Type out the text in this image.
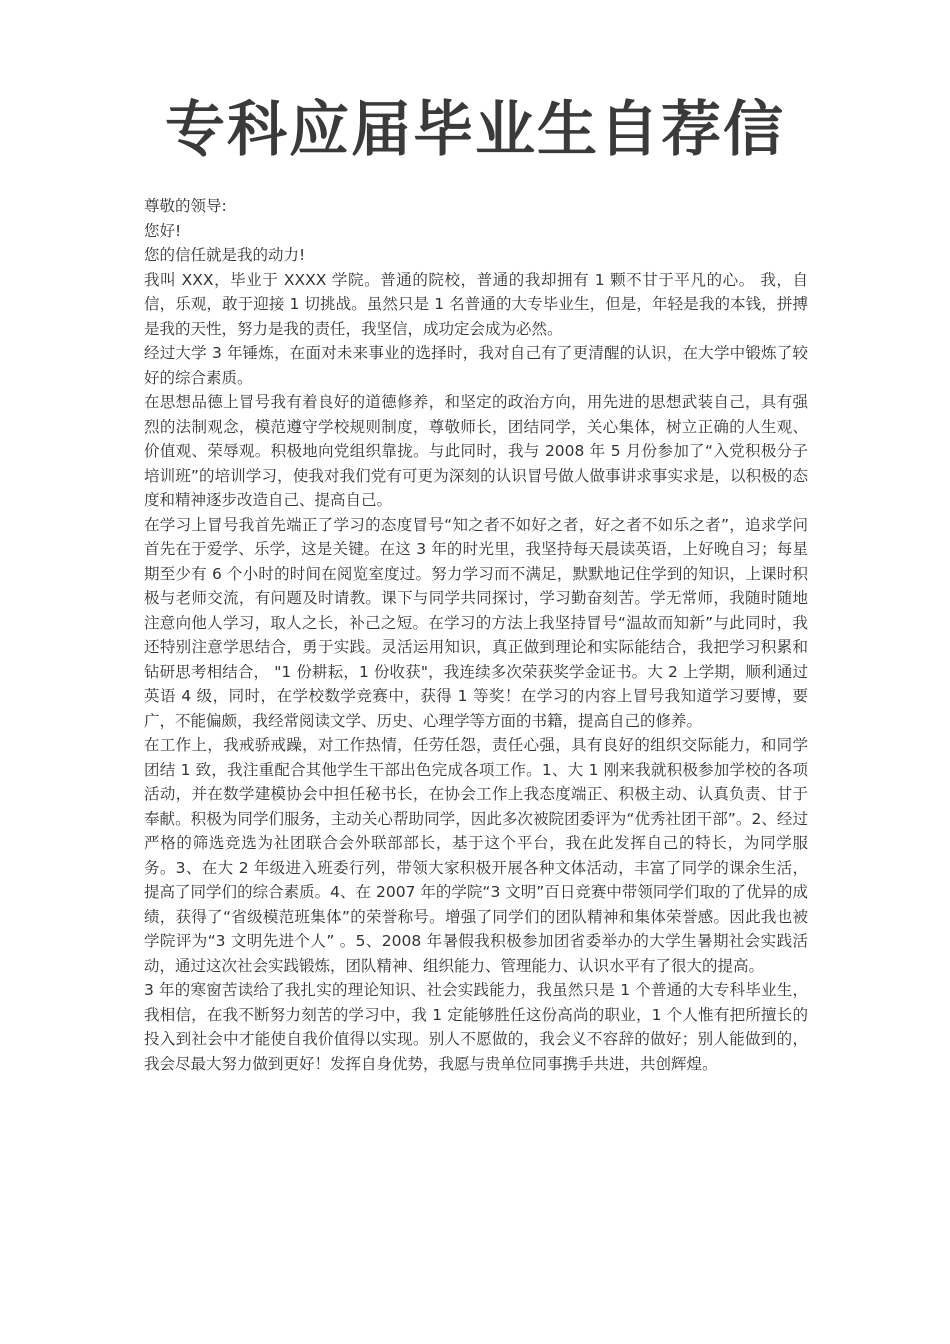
专科应届毕业生自荐信

尊敬的领导:

您好!

您的信任就是我的动力!

我叫 XXX，毕业于 XXXX 学院。普通的院校，普通的我却拥有 1 颗不甘于平凡的心。 我，自信，乐观，敢于迎接 1 切挑战。虽然只是 1 名普通的大专毕业生，但是，年轻是我的本钱，拼搏是我的天性，努力是我的责任，我坚信，成功定会成为必然。

经过大学 3 年锤炼，在面对未来事业的选择时，我对自己有了更清醒的认识，在大学中锻炼了较好的综合素质。

在思想品德上冒号我有着良好的道德修养，和坚定的政治方向，用先进的思想武装自己，具有强烈的法制观念，模范遵守学校规则制度，尊敬师长，团结同学，关心集体，树立正确的人生观、价值观、荣辱观。积极地向党组织靠拢。与此同时，我与 2008 年 5 月份参加了“入党积极分子培训班”的培训学习，使我对我们党有可更为深刻的认识冒号做人做事讲求事实求是，以积极的态度和精神逐步改造自己、提高自己。

在学习上冒号我首先端正了学习的态度冒号“知之者不如好之者，好之者不如乐之者”，追求学问首先在于爱学、乐学，这是关键。在这 3 年的时光里，我坚持每天晨读英语，上好晚自习；每星期至少有 6 个小时的时间在阅览室度过。努力学习而不满足，默默地记住学到的知识，上课时积极与老师交流，有问题及时请教。课下与同学共同探讨，学习勤奋刻苦。学无常师，我随时随地注意向他人学习，取人之长，补己之短。在学习的方法上我坚持冒号“温故而知新”与此同时，我还特别注意学思结合，勇于实践。灵活运用知识，真正做到理论和实际能结合，我把学习积累和钻研思考相结合， "1 份耕耘，1 份收获"，我连续多次荣获奖学金证书。大 2 上学期，顺利通过英语 4 级，同时，在学校数学竞赛中，获得 1 等奖！在学习的内容上冒号我知道学习要博，要广，不能偏颇，我经常阅读文学、历史、心理学等方面的书籍，提高自己的修养。

在工作上，我戒骄戒躁，对工作热情，任劳任怨，责任心强，具有良好的组织交际能力，和同学团结 1 致，我注重配合其他学生干部出色完成各项工作。1、大 1 刚来我就积极参加学校的各项活动，并在数学建模协会中担任秘书长，在协会工作上我态度端正、积极主动、认真负责、甘于奉献。积极为同学们服务，主动关心帮助同学，因此多次被院团委评为“优秀社团干部”。2、经过严格的筛选竞选为社团联合会外联部部长，基于这个平台，我在此发挥自己的特长，为同学服务。3、在大 2 年级进入班委行列，带领大家积极开展各种文体活动，丰富了同学的课余生活，提高了同学们的综合素质。4、在 2007 年的学院“3 文明”百日竞赛中带领同学们取的了优异的成绩，获得了“省级模范班集体”的荣誉称号。增强了同学们的团队精神和集体荣誉感。因此我也被学院评为“3 文明先进个人” 。5、2008 年暑假我积极参加团省委举办的大学生暑期社会实践活动，通过这次社会实践锻炼，团队精神、组织能力、管理能力、认识水平有了很大的提高。

3 年的寒窗苦读给了我扎实的理论知识、社会实践能力，我虽然只是 1 个普通的大专科毕业生，我相信，在我不断努力刻苦的学习中，我 1 定能够胜任这份高尚的职业，1 个人惟有把所擅长的投入到社会中才能使自我价值得以实现。别人不愿做的，我会义不容辞的做好；别人能做到的，我会尽最大努力做到更好！发挥自身优势，我愿与贵单位同事携手共进，共创辉煌。
